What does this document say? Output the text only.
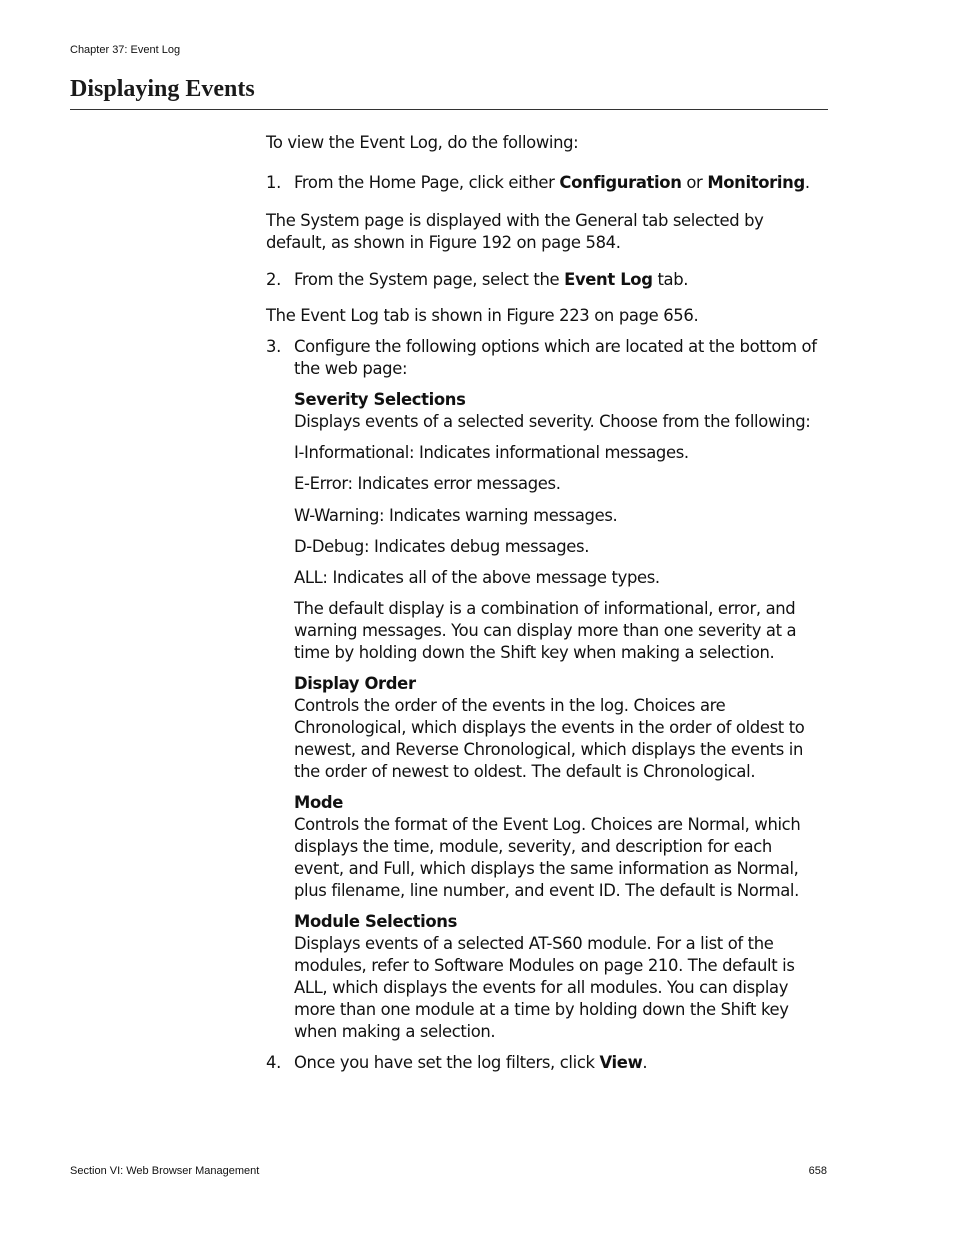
Chapter 37: Event Log
Displaying Events

To view the Event Log, do the following:

1. From the Home Page, click either Configuration or Monitoring.

The System page is displayed with the General tab selected by default, as shown in Figure 192 on page 584.

2. From the System page, select the Event Log tab.

The Event Log tab is shown in Figure 223 on page 656.

3. Configure the following options which are located at the bottom of the web page:

Severity Selections

Displays events of a selected severity. Choose from the following:

I-Informational: Indicates informational messages.

E-Error: Indicates error messages.

W-Warning: Indicates warning messages.

D-Debug: Indicates debug messages.

ALL: Indicates all of the above message types.

The default display is a combination of informational, error, and warning messages. You can display more than one severity at a time by holding down the Shift key when making a selection.

Display Order

Controls the order of the events in the log. Choices are Chronological, which displays the events in the order of oldest to newest, and Reverse Chronological, which displays the events in the order of newest to oldest. The default is Chronological.

Mode

Controls the format of the Event Log. Choices are Normal, which displays the time, module, severity, and description for each event, and Full, which displays the same information as Normal, plus filename, line number, and event ID. The default is Normal.

Module Selections

Displays events of a selected AT-S60 module. For a list of the modules, refer to Software Modules on page 210. The default is ALL, which displays the events for all modules. You can display more than one module at a time by holding down the Shift key when making a selection.

4. Once you have set the log filters, click View.
Section VI: Web Browser Management	658
